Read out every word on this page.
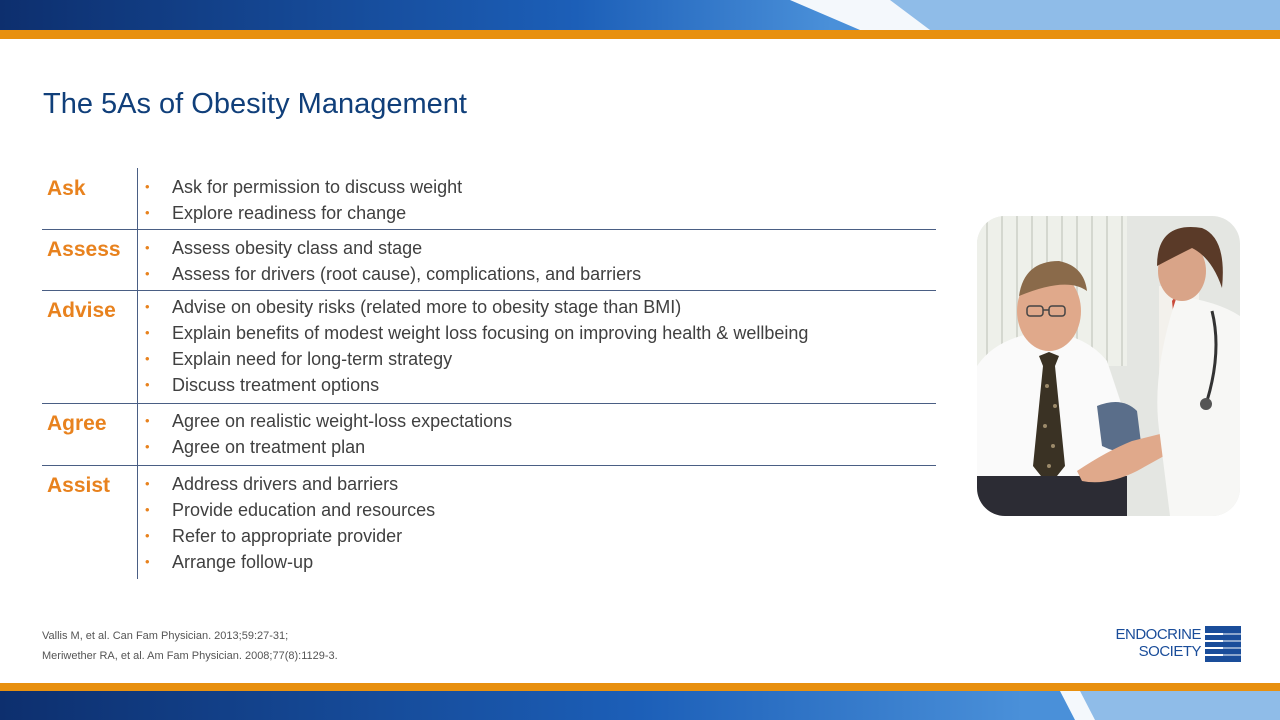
The 5As of Obesity Management
Ask	• Ask for permission to discuss weight
• Explore readiness for change
Assess • Assess obesity class and stage
• Assess for drivers (root cause), complications, and barriers
Advise • Advise on obesity risks (related more to obesity stage than BMI)
• Explain benefits of modest weight loss focusing on improving health & wellbeing
• Explain need for long-term strategy
• Discuss treatment options
Agree	• Agree on realistic weight-loss expectations
• Agree on treatment plan
Assist	• Address drivers and barriers
• Provide education and resources
• Refer to appropriate provider
• Arrange follow-up
Vallis M, et al. Can Fam Physician. 2013;59:27-31;
Meriwether RA, et al. Am Fam Physician. 2008;77(8):1129-3.
ENDOCRINE
SOCIETY
